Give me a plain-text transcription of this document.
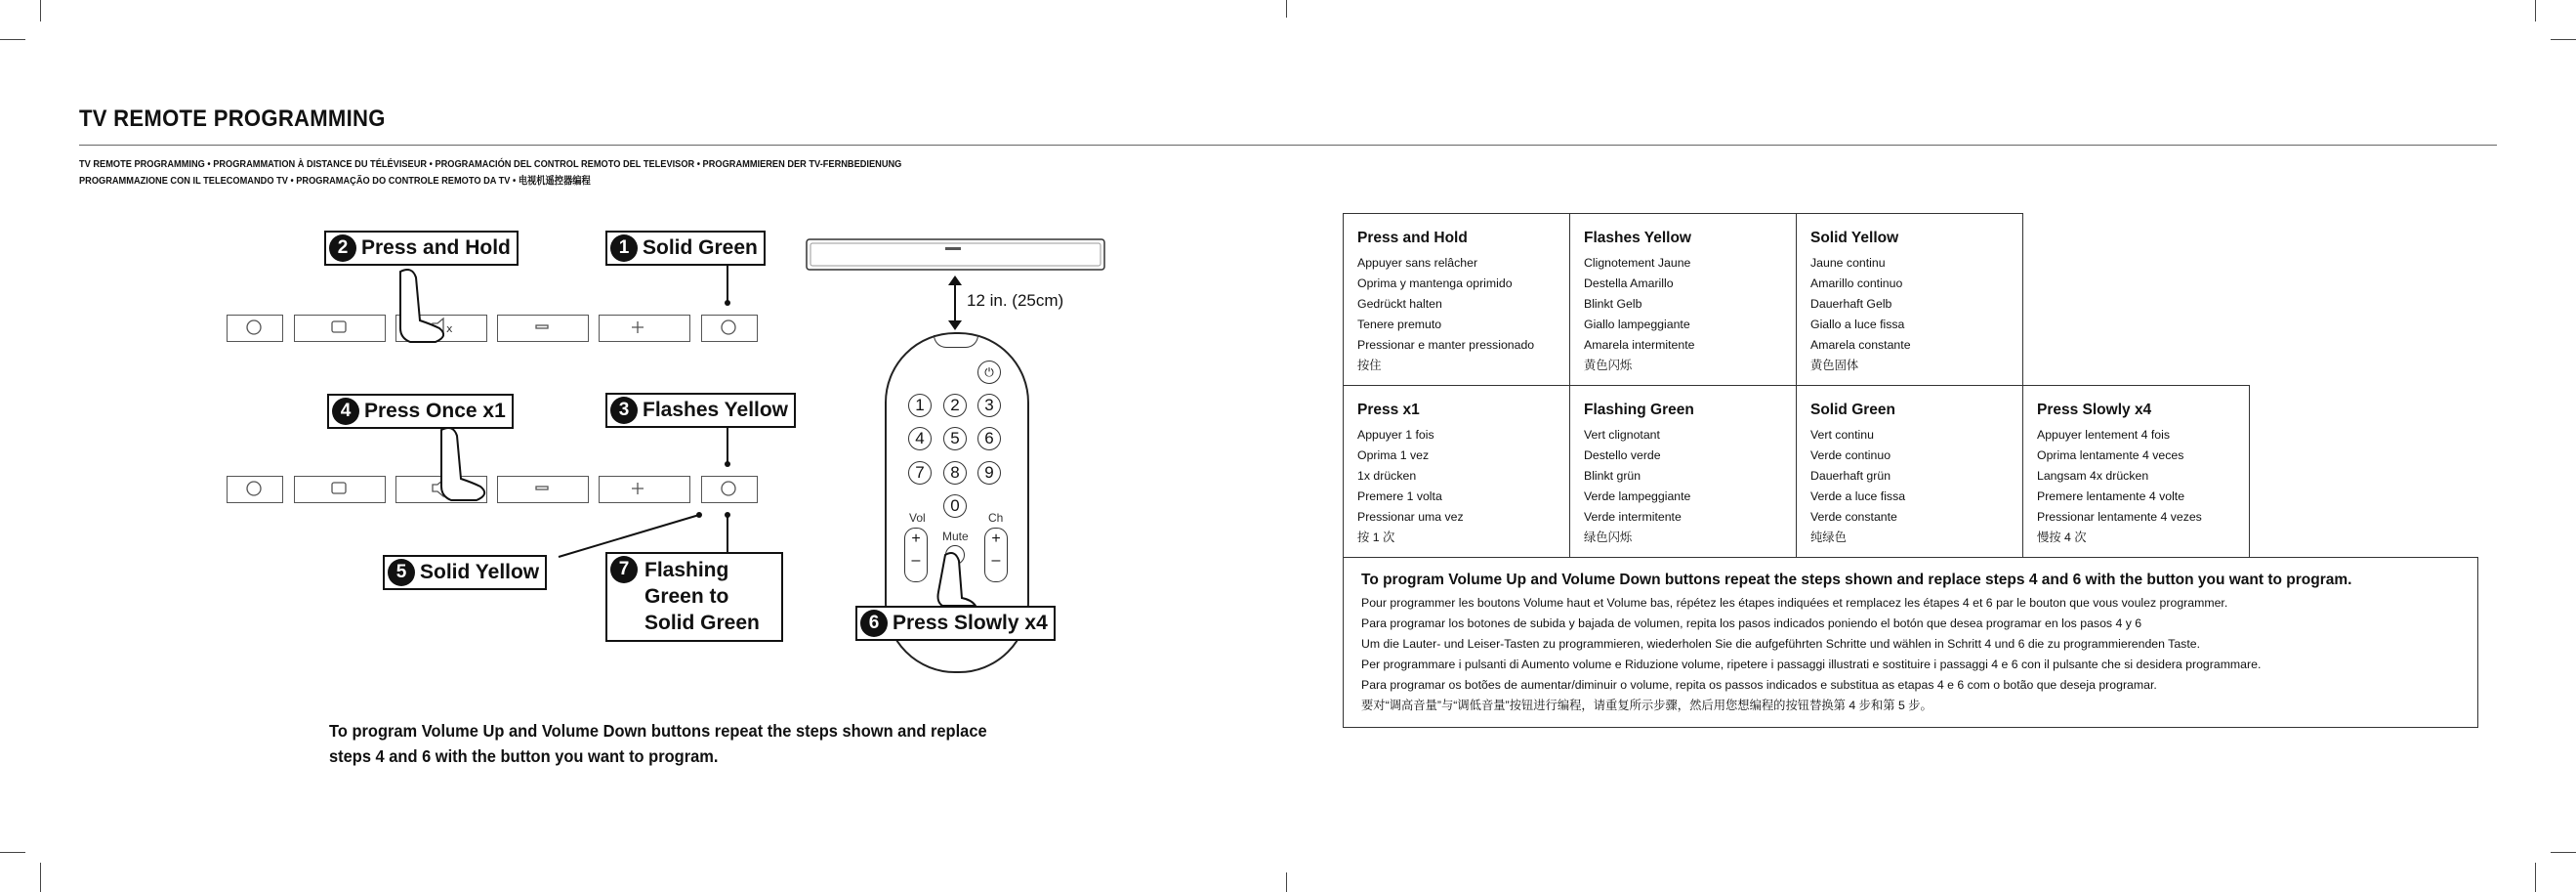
TV REMOTE PROGRAMMING
TV REMOTE PROGRAMMING • PROGRAMMATION À DISTANCE DU TÉLÉVISEUR • PROGRAMACIÓN DEL CONTROL REMOTO DEL TELEVISOR • PROGRAMMIEREN DER TV-FERNBEDIENUNG
PROGRAMMAZIONE CON IL TELECOMANDO TV • PROGRAMAÇÃO DO CONTROLE REMOTO DA TV • 电视机遥控器编程
x
2 Press and Hold	1 Solid Green
4 Press Once x1	3 Flashes Yellow
5 Solid Yellow	7 Flashing
Green to
Solid Green
12 in. (25cm)
⏻
1	2	3
4	5	6
7	8	9
0
Vol
Mute
Ch
+
–
+
–
6 Press Slowly x4
To program Volume Up and Volume Down buttons repeat the steps shown and replace steps 4 and 6 with the button you want to program.
Press and Hold
Appuyer sans relâcher
Oprima y mantenga oprimido
Gedrückt halten
Tenere premuto
Pressionar e manter pressionado
按住
Flashes Yellow
Clignotement Jaune
Destella Amarillo
Blinkt Gelb
Giallo lampeggiante
Amarela intermitente
黄色闪烁
Solid Yellow
Jaune continu
Amarillo continuo
Dauerhaft Gelb
Giallo a luce fissa
Amarela constante
黄色固体
Press x1
Appuyer 1 fois
Oprima 1 vez
1x drücken
Premere 1 volta
Pressionar uma vez
按 1 次
Flashing Green
Vert clignotant
Destello verde
Blinkt grün
Verde lampeggiante
Verde intermitente
绿色闪烁
Solid Green
Vert continu
Verde continuo
Dauerhaft grün
Verde a luce fissa
Verde constante
纯绿色
Press Slowly x4
Appuyer lentement 4 fois
Oprima lentamente 4 veces
Langsam 4x drücken
Premere lentamente 4 volte
Pressionar lentamente 4 vezes
慢按 4 次
To program Volume Up and Volume Down buttons repeat the steps shown and replace steps 4 and 6 with the button you want to program.
Pour programmer les boutons Volume haut et Volume bas, répétez les étapes indiquées et remplacez les étapes 4 et 6 par le bouton que vous voulez programmer.
Para programar los botones de subida y bajada de volumen, repita los pasos indicados poniendo el botón que desea programar en los pasos 4 y 6
Um die Lauter- und Leiser-Tasten zu programmieren, wiederholen Sie die aufgeführten Schritte und wählen in Schritt 4 und 6 die zu programmierenden Taste.
Per programmare i pulsanti di Aumento volume e Riduzione volume, ripetere i passaggi illustrati e sostituire i passaggi 4 e 6 con il pulsante che si desidera programmare.
Para programar os botões de aumentar/diminuir o volume, repita os passos indicados e substitua as etapas 4 e 6 com o botão que deseja programar.
要对“调高音量”与“调低音量”按钮进行编程，请重复所示步骤，然后用您想编程的按钮替换第 4 步和第 5 步。
